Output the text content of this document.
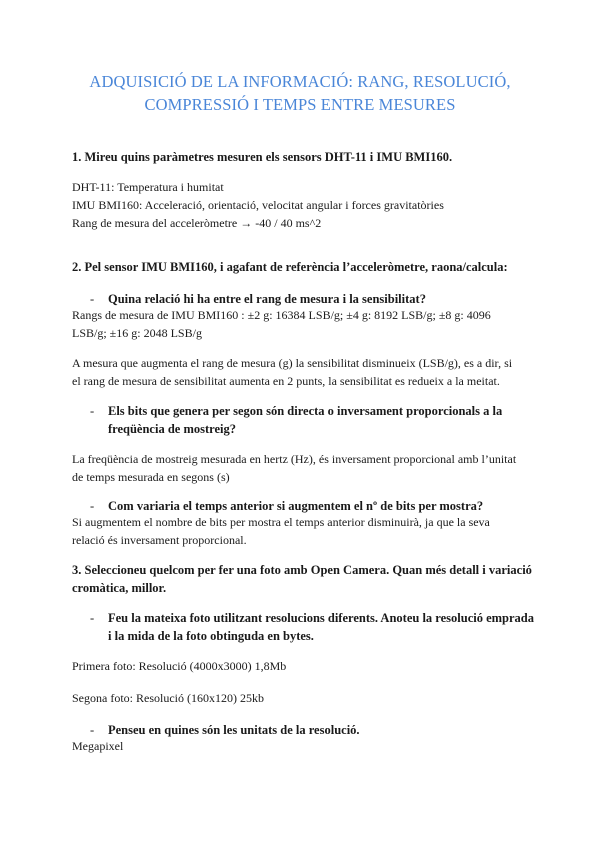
ADQUISICIÓ DE LA INFORMACIÓ: RANG, RESOLUCIÓ,
COMPRESSIÓ I TEMPS ENTRE MESURES
1. Mireu quins paràmetres mesuren els sensors DHT-11 i IMU BMI160.
DHT-11: Temperatura i humitat
IMU BMI160: Acceleració, orientació, velocitat angular i forces gravitatòries
Rang de mesura del acceleròmetre → -40 / 40 ms^2
2. Pel sensor IMU BMI160, i agafant de referència l’acceleròmetre, raona/calcula:
- Quina relació hi ha entre el rang de mesura i la sensibilitat?
Rangs de mesura de IMU BMI160 : ±2 g: 16384 LSB/g; ±4 g: 8192 LSB/g; ±8 g: 4096
LSB/g; ±16 g: 2048 LSB/g
A mesura que augmenta el rang de mesura (g) la sensibilitat disminueix (LSB/g), es a dir, si
el rang de mesura de sensibilitat aumenta en 2 punts, la sensibilitat es redueix a la meitat.
- Els bits que genera per segon són directa o inversament proporcionals a la
freqüència de mostreig?
La freqüència de mostreig mesurada en hertz (Hz), és inversament proporcional amb l’unitat
de temps mesurada en segons (s)
- Com variaria el temps anterior si augmentem el nº de bits per mostra?
Si augmentem el nombre de bits per mostra el temps anterior disminuirà, ja que la seva
relació és inversament proporcional.
3. Seleccioneu quelcom per fer una foto amb Open Camera. Quan més detall i variació
cromàtica, millor.
- Feu la mateixa foto utilitzant resolucions diferents. Anoteu la resolució emprada
i la mida de la foto obtinguda en bytes.
Primera foto: Resolució (4000x3000) 1,8Mb
Segona foto: Resolució (160x120) 25kb
- Penseu en quines són les unitats de la resolució.
Megapixel
